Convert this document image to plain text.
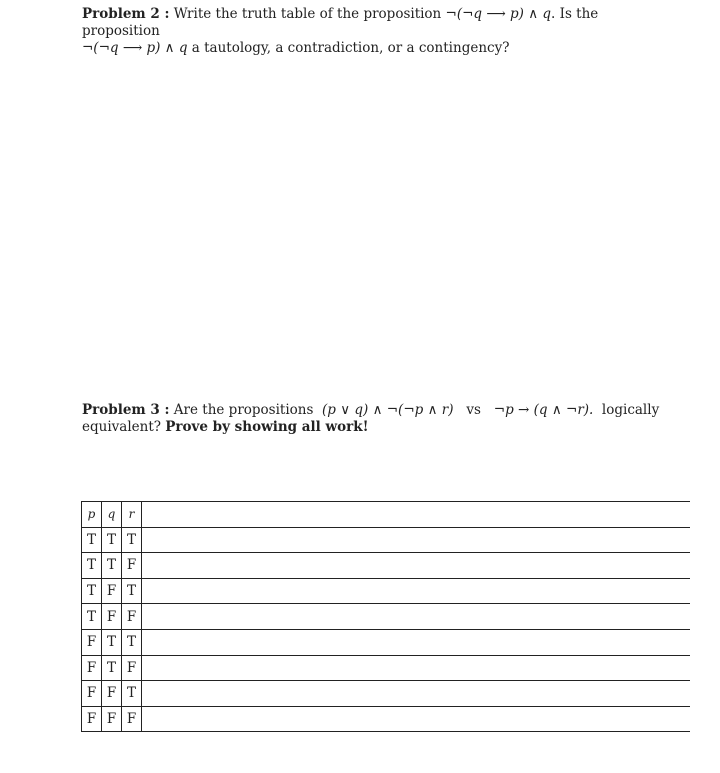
Problem 2 : Write the truth table of the proposition ¬(¬q ⟶ p) ∧ q. Is the proposition
¬(¬q ⟶ p) ∧ q a tautology, a contradiction, or a contingency?
Problem 3 : Are the propositions  (p ∨ q) ∧ ¬(¬p ∧ r) vs ¬p → (q ∧ ¬r). logically equivalent? Prove by showing all work!
p	q	r	
T	T	T	
T	T	F	
T	F	T	
T	F	F	
F	T	T	
F	T	F	
F	F	T	
F	F	F	
